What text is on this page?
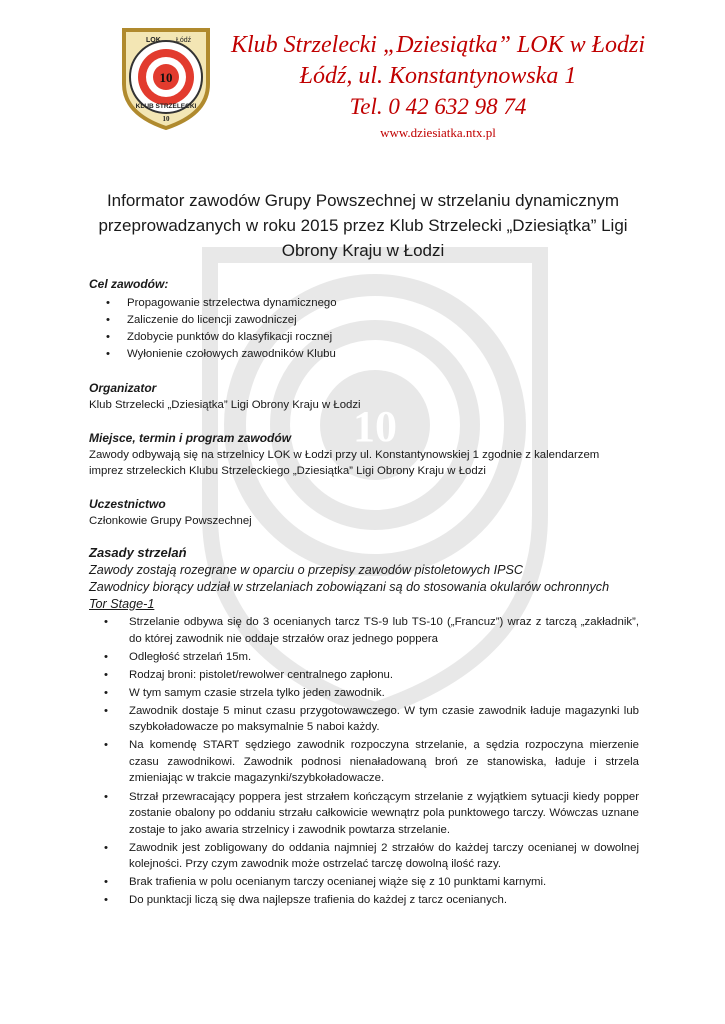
10
LOK Łódź
10
KLUB STRZELECKI
10
Klub Strzelecki „Dziesiątka” LOK w Łodzi
Łódź, ul. Konstantynowska 1
Tel. 0 42 632 98 74
www.dziesiatka.ntx.pl
Informator zawodów Grupy Powszechnej w strzelaniu dynamicznym
przeprowadzanych w roku 2015 przez Klub Strzelecki „Dziesiątka” Ligi
Obrony Kraju w Łodzi

Cel zawodów:

• Propagowanie strzelectwa dynamicznego
• Zaliczenie do licencji zawodniczej
• Zdobycie punktów do klasyfikacji rocznej
• Wyłonienie czołowych zawodników Klubu

Organizator

Klub Strzelecki „Dziesiątka” Ligi Obrony Kraju w Łodzi

Miejsce, termin i program zawodów

Zawody odbywają się na strzelnicy LOK w Łodzi przy ul. Konstantynowskiej 1 zgodnie z kalendarzem

imprez strzeleckich Klubu Strzeleckiego „Dziesiątka” Ligi Obrony Kraju w Łodzi

Uczestnictwo

Członkowie Grupy Powszechnej

Zasady strzelań

Zawody zostają rozegrane w oparciu o przepisy zawodów pistoletowych IPSC

Zawodnicy biorący udział w strzelaniach zobowiązani są do stosowania okularów ochronnych

Tor Stage-1

• Strzelanie odbywa się do 3 ocenianych tarcz TS-9 lub TS-10 („Francuz”) wraz z tarczą „zakładnik”, do której zawodnik nie oddaje strzałów oraz jednego poppera
• Odległość strzelań 15m.
• Rodzaj broni: pistolet/rewolwer centralnego zapłonu.
• W tym samym czasie strzela tylko jeden zawodnik.
• Zawodnik dostaje 5 minut czasu przygotowawczego. W tym czasie zawodnik ładuje magazynki lub szybkoładowacze po maksymalnie 5 naboi każdy.
• Na komendę START sędziego zawodnik rozpoczyna strzelanie, a sędzia rozpoczyna mierzenie czasu zawodnikowi. Zawodnik podnosi nienaładowaną broń ze stanowiska, ładuje i strzela zmieniając w trakcie magazynki/szybkoładowacze.
• Strzał przewracający poppera jest strzałem kończącym strzelanie z wyjątkiem sytuacji kiedy popper zostanie obalony po oddaniu strzału całkowicie wewnątrz pola punktowego tarczy. Wówczas uznane zostaje to jako awaria strzelnicy i zawodnik powtarza strzelanie.
• Zawodnik jest zobligowany do oddania najmniej 2 strzałów do każdej tarczy ocenianej w dowolnej kolejności. Przy czym zawodnik może ostrzelać tarczę dowolną ilość razy.
• Brak trafienia w polu ocenianym tarczy ocenianej wiąże się z 10 punktami karnymi.
• Do punktacji liczą się dwa najlepsze trafienia do każdej z tarcz ocenianych.
